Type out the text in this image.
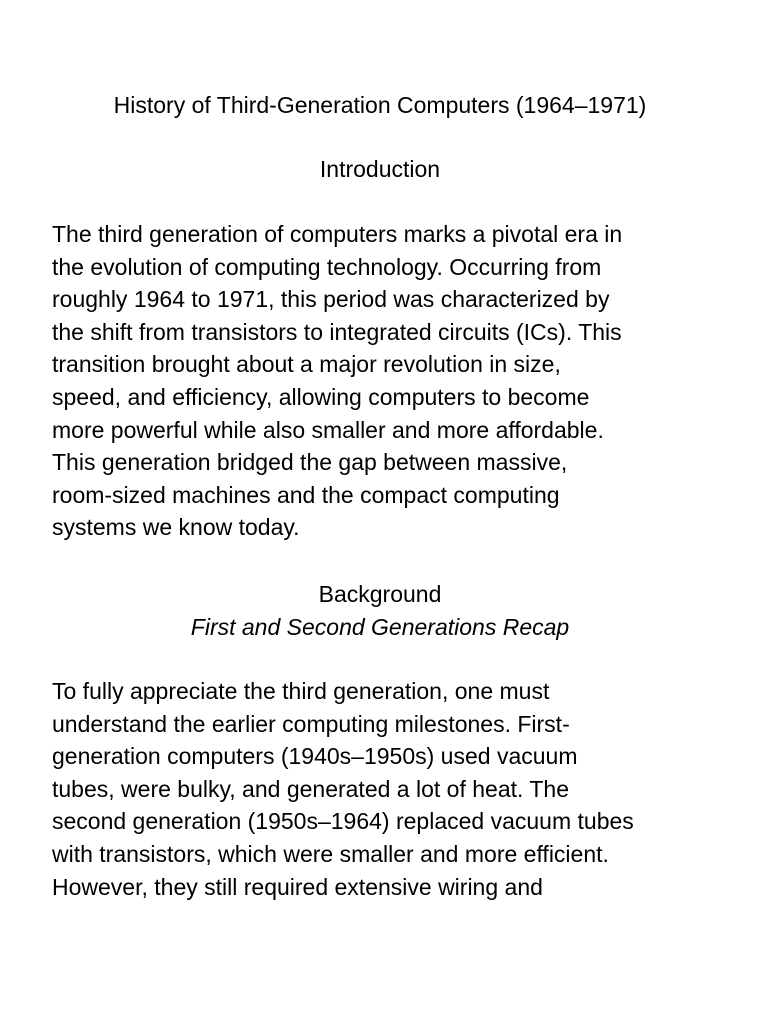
History of Third-Generation Computers (1964–1971)
Introduction
The third generation of computers marks a pivotal era in
the evolution of computing technology. Occurring from
roughly 1964 to 1971, this period was characterized by
the shift from transistors to integrated circuits (ICs). This
transition brought about a major revolution in size,
speed, and efficiency, allowing computers to become
more powerful while also smaller and more affordable.
This generation bridged the gap between massive,
room-sized machines and the compact computing
systems we know today.
Background
First and Second Generations Recap
To fully appreciate the third generation, one must
understand the earlier computing milestones. First-
generation computers (1940s–1950s) used vacuum
tubes, were bulky, and generated a lot of heat. The
second generation (1950s–1964) replaced vacuum tubes
with transistors, which were smaller and more efficient.
However, they still required extensive wiring and
